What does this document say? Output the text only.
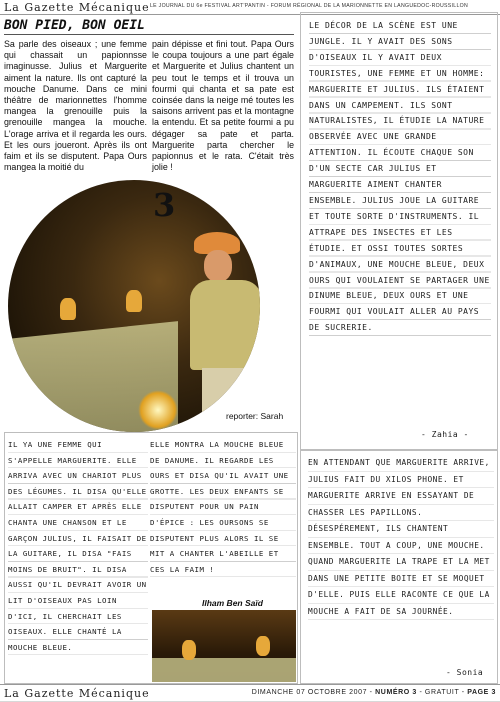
La Gazette Mécanique LE JOURNAL DU 6e FESTIVAL ART'PANTIN - FORUM RÉGIONAL DE LA MARIONNETTE EN LANGUEDOC-ROUSSILLON
BON PIED, BON OEIL
Sa parle des oiseaux ; une femme qui chassait un papionnsse imaginusse. Julius et Marguerite aiment la nature. Ils ont capturé la mouche Danume. Dans ce mini théâtre de marionnettes l'homme mangea la grenouille puis la grenouille mangea la mouche. L'orage arriva et il regarda les ours. Et les ours joueront. Après ils ont faim et ils se disputent. Papa Ours mangea la moitié du
pain dépisse et fini tout. Papa Ours le coupa toujours a une part égale et Marguerite et Julius chantent un peu tout le temps et il trouva un fourmi qui chanta et sa pate est coinsée dans la neige mé toutes les saisons arrivent pas et la montagne la entendu. Et sa petite fourmi a pu dégager sa pate et parta. Marguerite parta chercher le papionnus et le rata. C'était très jolie !
3
reporter: Sarah
LE DÉCOR DE LA SCÈNE EST UNE JUNGLE. IL Y AVAIT DES SONS D'OISEAUX IL Y AVAIT DEUX TOURISTES, UNE FEMME ET UN HOMME: MARGUERITE ET JULIUS. ILS ÉTAIENT DANS UN CAMPEMENT. ILS SONT NATURALISTES, IL ÉTUDIE LA NATURE OBSERVÉE AVEC UNE GRANDE ATTENTION. IL ÉCOUTE CHAQUE SON D'UN SECTE CAR JULIUS ET MARGUERITE AIMENT CHANTER ENSEMBLE. JULIUS JOUE LA GUITARE ET TOUTE SORTE D'INSTRUMENTS. IL ATTRAPE DES INSECTES ET LES ÉTUDIE. ET OSSI TOUTES SORTES D'ANIMAUX, UNE MOUCHE BLEUE, DEUX OURS QUI VOULAIENT SE PARTAGER UNE DINUME BLEUE, DEUX OURS ET UNE FOURMI QUI VOULAIT ALLER AU PAYS DE SUCRERIE.
- Zahia -
IL YA UNE FEMME QUI S'APPELLE MARGUERITE. ELLE ARRIVA AVEC UN CHARIOT PLUS DES LÉGUMES. IL DISA QU'ELLE ALLAIT CAMPER ET APRÈS ELLE CHANTA UNE CHANSON ET LE GARÇON JULIUS, IL FAISAIT DE LA GUITARE, IL DISA "FAIS MOINS DE BRUIT". IL DISA AUSSI QU'IL DEVRAIT AVOIR UN LIT D'OISEAUX PAS LOIN D'ICI, IL CHERCHAIT LES OISEAUX. ELLE CHANTÉ LA MOUCHE BLEUE.
ELLE MONTRA LA MOUCHE BLEUE DE DANUME. IL REGARDE LES OURS ET DISA QU'IL AVAIT UNE GROTTE. LES DEUX ENFANTS SE DISPUTENT POUR UN PAIN D'ÉPICE : LES OURSONS SE DISPUTENT PLUS ALORS IL SE MIT A CHANTER L'ABEILLE ET CES LA FAIM !
Ilham Ben Saïd
EN ATTENDANT QUE MARGUERITE ARRIVE, JULIUS FAIT DU XILOS PHONE. ET MARGUERITE ARRIVE EN ESSAYANT DE CHASSER LES PAPILLONS. DÉSESPÉREMENT, ILS CHANTENT ENSEMBLE. TOUT A COUP, UNE MOUCHE. QUAND MARGUERITE LA TRAPE ET LA MET DANS UNE PETITE BOITE ET SE MOQUET D'ELLE. PUIS ELLE RACONTE CE QUE LA MOUCHE A FAIT DE SA JOURNÉE.
- Sonia
La Gazette Mécanique	DIMANCHE 07 OCTOBRE 2007 - NUMÉRO 3 - GRATUIT - PAGE 3
